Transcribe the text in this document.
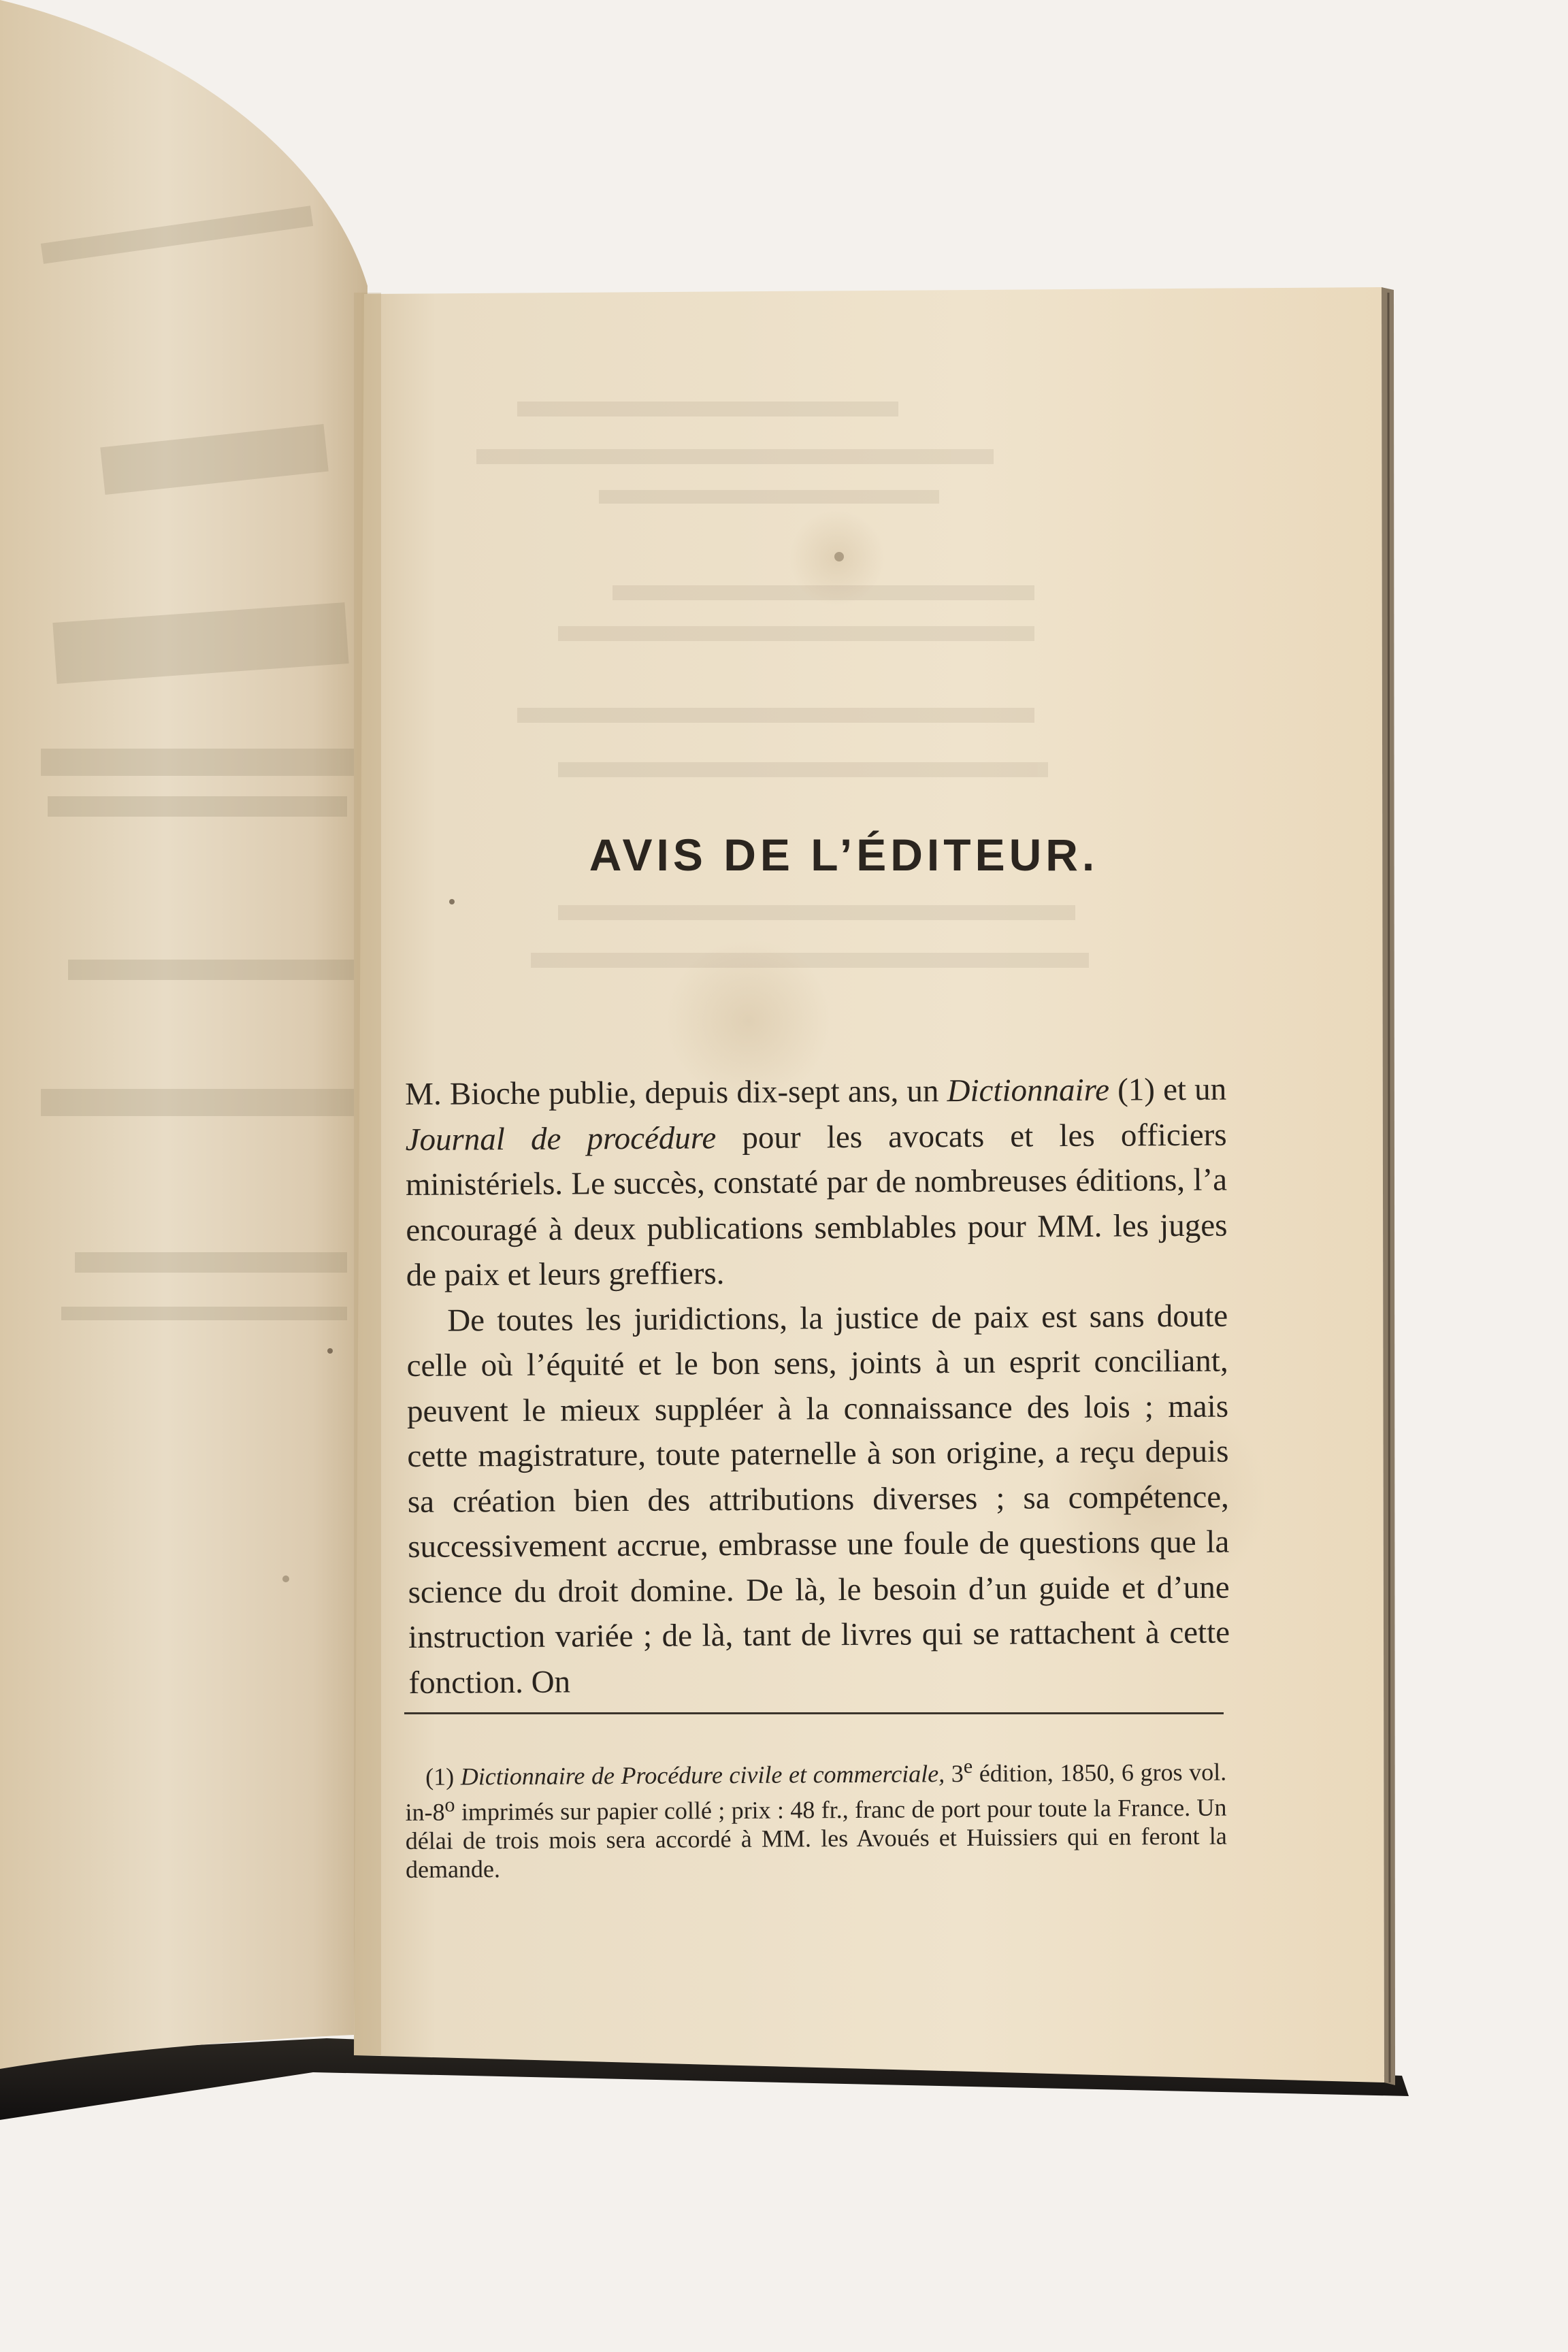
AVIS DE L’ÉDITEUR.

M. Bioche publie, depuis dix-sept ans, un Dictionnaire (1) et un Journal de procédure pour les avocats et les officiers ministériels. Le succès, constaté par de nombreuses éditions, l’a encouragé à deux publications semblables pour MM. les juges de paix et leurs greffiers.

De toutes les juridictions, la justice de paix est sans doute celle où l’équité et le bon sens, joints à un esprit conciliant, peuvent le mieux suppléer à la connaissance des lois ; mais cette magistrature, toute paternelle à son origine, a reçu depuis sa création bien des attributions diverses ; sa compétence, successivement accrue, embrasse une foule de questions que la science du droit domine. De là, le besoin d’un guide et d’une instruction variée ; de là, tant de livres qui se rattachent à cette fonction. On

(1) Dictionnaire de Procédure civile et commerciale, 3e édition, 1850, 6 gros vol. in-8$^o$ imprimés sur papier collé ; prix : 48 fr., franc de port pour toute la France. Un délai de trois mois sera accordé à MM. les Avoués et Huissiers qui en feront la demande.
